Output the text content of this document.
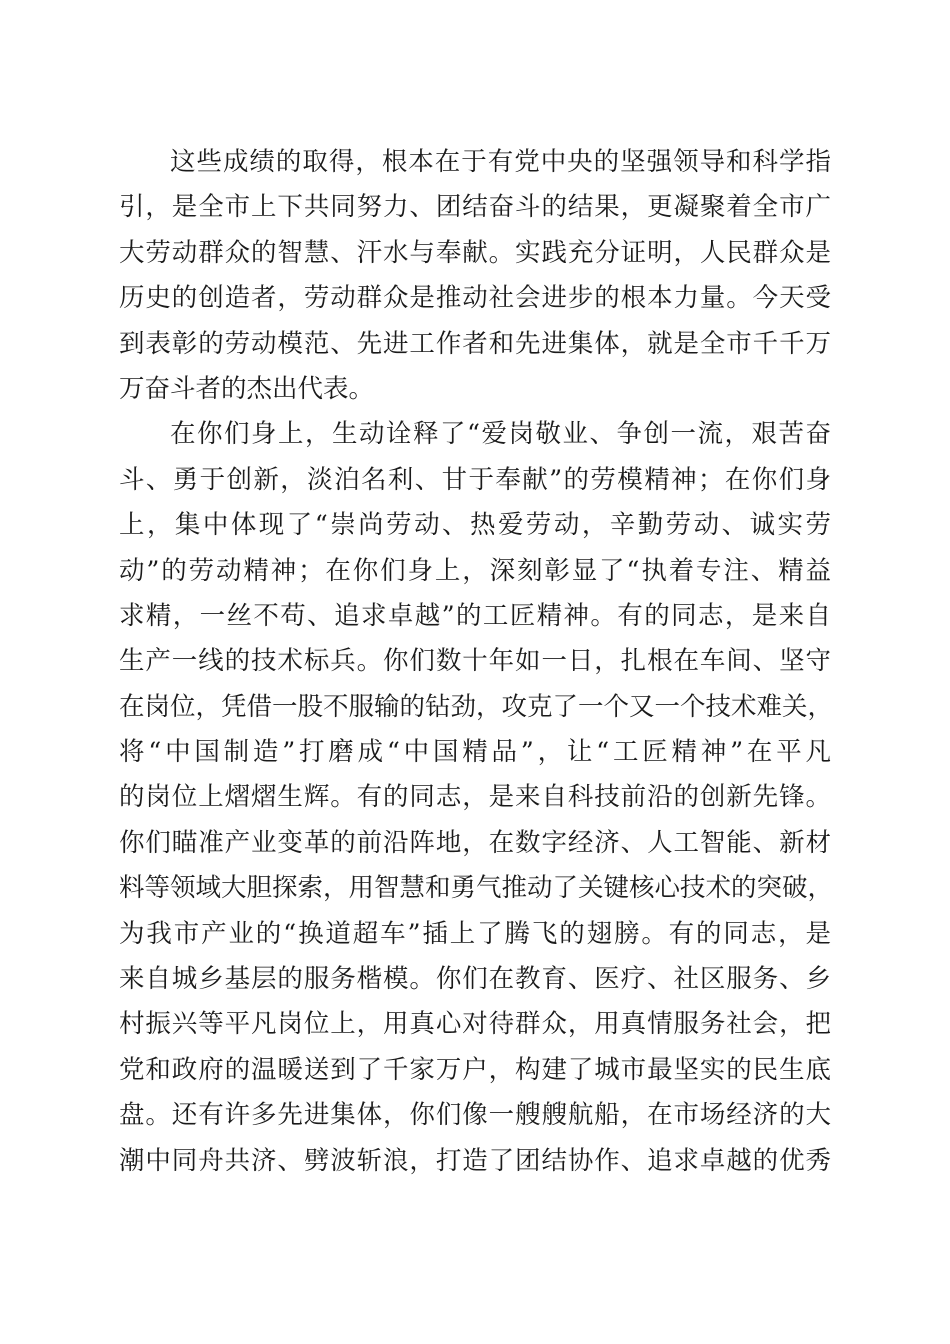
这些成绩的取得，根本在于有党中央的坚强领导和科学指
引，是全市上下共同努力、团结奋斗的结果，更凝聚着全市广
大劳动群众的智慧、汗水与奉献。实践充分证明，人民群众是
历史的创造者，劳动群众是推动社会进步的根本力量。今天受
到表彰的劳动模范、先进工作者和先进集体，就是全市千千万
万奋斗者的杰出代表。

在你们身上，生动诠释了“爱岗敬业、争创一流，艰苦奋
斗、勇于创新，淡泊名利、甘于奉献”的劳模精神；在你们身
上，集中体现了“崇尚劳动、热爱劳动，辛勤劳动、诚实劳
动”的劳动精神；在你们身上，深刻彰显了“执着专注、精益
求精，一丝不苟、追求卓越”的工匠精神。有的同志，是来自
生产一线的技术标兵。你们数十年如一日，扎根在车间、坚守
在岗位，凭借一股不服输的钻劲，攻克了一个又一个技术难关，
将“中国制造”打磨成“中国精品”，让“工匠精神”在平凡
的岗位上熠熠生辉。有的同志，是来自科技前沿的创新先锋。
你们瞄准产业变革的前沿阵地，在数字经济、人工智能、新材
料等领域大胆探索，用智慧和勇气推动了关键核心技术的突破，
为我市产业的“换道超车”插上了腾飞的翅膀。有的同志，是
来自城乡基层的服务楷模。你们在教育、医疗、社区服务、乡
村振兴等平凡岗位上，用真心对待群众，用真情服务社会，把
党和政府的温暖送到了千家万户，构建了城市最坚实的民生底
盘。还有许多先进集体，你们像一艘艘航船，在市场经济的大
潮中同舟共济、劈波斩浪，打造了团结协作、追求卓越的优秀
